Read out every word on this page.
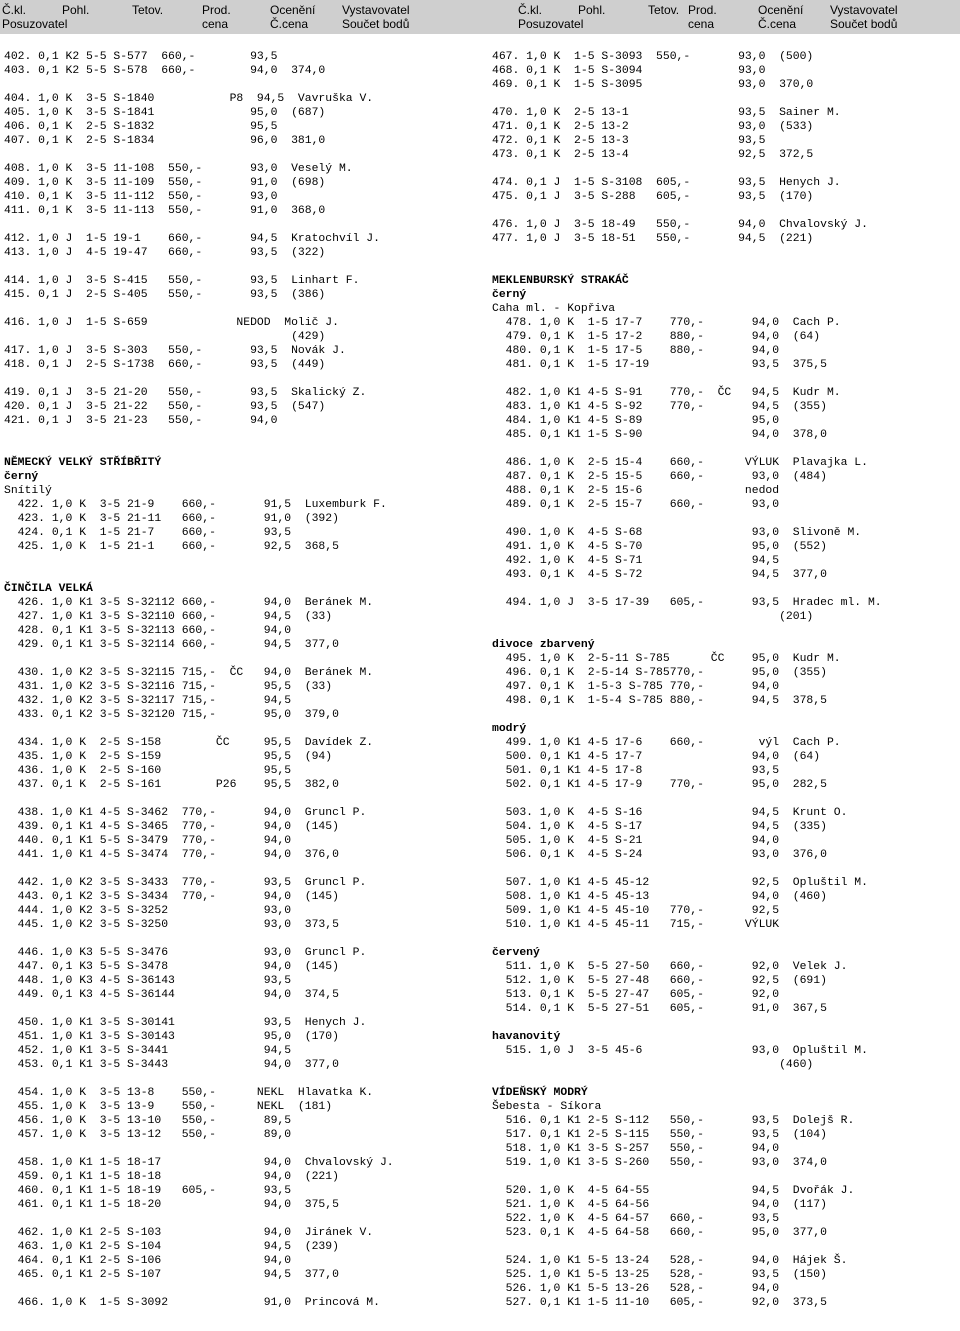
Č.kl.	Pohl.	Tetov.	Prod.	Ocenění Vystavovatel
Posuzovatel	cena	Č.cena	Součet bodů
Č.kl.	Pohl.	Tetov. Prod.	Ocenění Vystavovatel
Posuzovatel	cena	Č.cena	Součet bodů
402. 0,1 K2 5-5 S-577  660,-        93,5
403. 0,1 K2 5-5 S-578  660,-        94,0  374,0
404. 1,0 K  3-5 S-1840           P8  94,5  Vavruška V.
405. 1,0 K  3-5 S-1841              95,0  (687)
406. 0,1 K  2-5 S-1832              95,5
407. 0,1 K  2-5 S-1834              96,0  381,0
408. 1,0 K  3-5 11-108  550,-       93,0  Veselý M.
409. 1,0 K  3-5 11-109  550,-       91,0  (698)
410. 0,1 K  3-5 11-112  550,-       93,0
411. 0,1 K  3-5 11-113  550,-       91,0  368,0
412. 1,0 J  1-5 19-1    660,-       94,5  Kratochvíl J.
413. 1,0 J  4-5 19-47   660,-       93,5  (322)
414. 1,0 J  3-5 S-415   550,-       93,5  Linhart F.
415. 0,1 J  2-5 S-405   550,-       93,5  (386)
416. 1,0 J  1-5 S-659             NEDOD  Molič J.
(429)
417. 1,0 J  3-5 S-303   550,-       93,5  Novák J.
418. 0,1 J  2-5 S-1738  660,-       93,5  (449)
419. 0,1 J  3-5 21-20   550,-       93,5  Skalický Z.
420. 0,1 J  3-5 21-22   550,-       93,5  (547)
421. 0,1 J  3-5 21-23   550,-       94,0
NĚMECKÝ VELKÝ STŘÍBŘITÝ
černý
Snítilý
422. 1,0 K  3-5 21-9    660,-       91,5  Luxemburk F.
423. 1,0 K  3-5 21-11   660,-       91,0  (392)
424. 0,1 K  1-5 21-7    660,-       93,5
425. 1,0 K  1-5 21-1    660,-       92,5  368,5
ČINČILA VELKÁ
426. 1,0 K1 3-5 S-32112 660,-       94,0  Beránek M.
427. 1,0 K1 3-5 S-32110 660,-       94,5  (33)
428. 0,1 K1 3-5 S-32113 660,-       94,0
429. 0,1 K1 3-5 S-32114 660,-       94,5  377,0
430. 1,0 K2 3-5 S-32115 715,-  ČC   94,0  Beránek M.
431. 1,0 K2 3-5 S-32116 715,-       95,5  (33)
432. 1,0 K2 3-5 S-32117 715,-       94,5
433. 0,1 K2 3-5 S-32120 715,-       95,0  379,0
434. 1,0 K  2-5 S-158        ČC     95,5  Davídek Z.
435. 1,0 K  2-5 S-159               95,5  (94)
436. 1,0 K  2-5 S-160               95,5
437. 0,1 K  2-5 S-161        P26    95,5  382,0
438. 1,0 K1 4-5 S-3462  770,-       94,0  Gruncl P.
439. 0,1 K1 4-5 S-3465  770,-       94,0  (145)
440. 0,1 K1 5-5 S-3479  770,-       94,0
441. 1,0 K1 4-5 S-3474  770,-       94,0  376,0
442. 1,0 K2 3-5 S-3433  770,-       93,5  Gruncl P.
443. 0,1 K2 3-5 S-3434  770,-       94,0  (145)
444. 1,0 K2 3-5 S-3252              93,0
445. 1,0 K2 3-5 S-3250              93,0  373,5
446. 1,0 K3 5-5 S-3476              93,0  Gruncl P.
447. 0,1 K3 5-5 S-3478              94,0  (145)
448. 1,0 K3 4-5 S-36143             93,5
449. 0,1 K3 4-5 S-36144             94,0  374,5
450. 1,0 K1 3-5 S-30141             93,5  Henych J.
451. 1,0 K1 3-5 S-30143             95,0  (170)
452. 1,0 K1 3-5 S-3441              94,5
453. 0,1 K1 3-5 S-3443              94,0  377,0
454. 1,0 K  3-5 13-8    550,-      NEKL  Hlavatka K.
455. 1,0 K  3-5 13-9    550,-      NEKL  (181)
456. 1,0 K  3-5 13-10   550,-       89,5
457. 1,0 K  3-5 13-12   550,-       89,0
458. 1,0 K1 1-5 18-17               94,0  Chvalovský J.
459. 0,1 K1 1-5 18-18               94,0  (221)
460. 0,1 K1 1-5 18-19   605,-       93,5
461. 0,1 K1 1-5 18-20               94,0  375,5
462. 1,0 K1 2-5 S-103               94,0  Jiránek V.
463. 1,0 K1 2-5 S-104               94,5  (239)
464. 0,1 K1 2-5 S-106               94,0
465. 0,1 K1 2-5 S-107               94,5  377,0
466. 1,0 K  1-5 S-3092              91,0  Princová M.
467. 1,0 K  1-5 S-3093  550,-       93,0  (500)
468. 0,1 K  1-5 S-3094              93,0
469. 0,1 K  1-5 S-3095              93,0  370,0
470. 1,0 K  2-5 13-1                93,5  Sainer M.
471. 0,1 K  2-5 13-2                93,0  (533)
472. 0,1 K  2-5 13-3                93,5
473. 0,1 K  2-5 13-4                92,5  372,5
474. 0,1 J  1-5 S-3108  605,-       93,5  Henych J.
475. 0,1 J  3-5 S-288   605,-       93,5  (170)
476. 1,0 J  3-5 18-49   550,-       94,0  Chvalovský J.
477. 1,0 J  3-5 18-51   550,-       94,5  (221)
MEKLENBURSKÝ STRAKÁČ
černý
Caha ml. - Kopřiva
478. 1,0 K  1-5 17-7    770,-       94,0  Cach P.
479. 0,1 K  1-5 17-2    880,-       94,0  (64)
480. 0,1 K  1-5 17-5    880,-       94,0
481. 0,1 K  1-5 17-19               93,5  375,5
482. 1,0 K1 4-5 S-91    770,-  ČC   94,5  Kudr M.
483. 1,0 K1 4-5 S-92    770,-       94,5  (355)
484. 1,0 K1 4-5 S-89                95,0
485. 0,1 K1 1-5 S-90                94,0  378,0
486. 1,0 K  2-5 15-4    660,-      VÝLUK  Plavajka L.
487. 0,1 K  2-5 15-5    660,-       93,0  (484)
488. 0,1 K  2-5 15-6               nedod
489. 0,1 K  2-5 15-7    660,-       93,0
490. 1,0 K  4-5 S-68                93,0  Slivoně M.
491. 1,0 K  4-5 S-70                95,0  (552)
492. 1,0 K  4-5 S-71                94,5
493. 0,1 K  4-5 S-72                94,5  377,0
494. 1,0 J  3-5 17-39   605,-       93,5  Hradec ml. M.
(201)
divoce zbarvený
495. 1,0 K  2-5-11 S-785      ČC    95,0  Kudr M.
496. 0,1 K  2-5-14 S-785770,-       95,0  (355)
497. 0,1 K  1-5-3 S-785 770,-       94,0
498. 0,1 K  1-5-4 S-785 880,-       94,5  378,5
modrý
499. 1,0 K1 4-5 17-6    660,-        výl  Cach P.
500. 0,1 K1 4-5 17-7                94,0  (64)
501. 0,1 K1 4-5 17-8                93,5
502. 0,1 K1 4-5 17-9    770,-       95,0  282,5
503. 1,0 K  4-5 S-16                94,5  Krunt O.
504. 1,0 K  4-5 S-17                94,5  (335)
505. 1,0 K  4-5 S-21                94,0
506. 0,1 K  4-5 S-24                93,0  376,0
507. 1,0 K1 4-5 45-12               92,5  Opluštil M.
508. 1,0 K1 4-5 45-13               94,0  (460)
509. 1,0 K1 4-5 45-10   770,-       92,5
510. 1,0 K1 4-5 45-11   715,-      VÝLUK
červený
511. 1,0 K  5-5 27-50   660,-       92,0  Velek J.
512. 1,0 K  5-5 27-48   660,-       92,5  (691)
513. 0,1 K  5-5 27-47   605,-       92,0
514. 0,1 K  5-5 27-51   605,-       91,0  367,5
havanovitý
515. 1,0 J  3-5 45-6                93,0  Opluštil M.
(460)
VÍDEŇSKÝ MODRÝ
Šebesta - Síkora
516. 0,1 K1 2-5 S-112   550,-       93,5  Dolejš R.
517. 0,1 K1 2-5 S-115   550,-       93,5  (104)
518. 1,0 K1 3-5 S-257   550,-       94,0
519. 1,0 K1 3-5 S-260   550,-       93,0  374,0
520. 1,0 K  4-5 64-55               94,5  Dvořák J.
521. 1,0 K  4-5 64-56               94,0  (117)
522. 1,0 K  4-5 64-57   660,-       93,5
523. 0,1 K  4-5 64-58   660,-       95,0  377,0
524. 1,0 K1 5-5 13-24   528,-       94,0  Hájek Š.
525. 1,0 K1 5-5 13-25   528,-       93,5  (150)
526. 1,0 K1 5-5 13-26   528,-       94,0
527. 0,1 K1 1-5 11-10   605,-       92,0  373,5
